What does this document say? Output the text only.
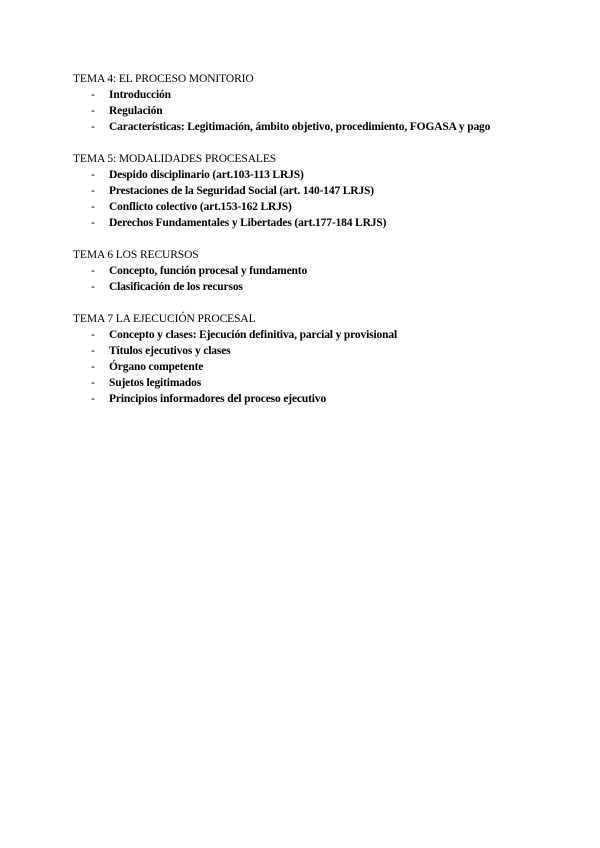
TEMA 4: EL PROCESO MONITORIO

- Introducción
- Regulación
- Características: Legitimación, ámbito objetivo, procedimiento, FOGASA y pago

TEMA 5: MODALIDADES PROCESALES

- Despido disciplinario (art.103-113 LRJS)
- Prestaciones de la Seguridad Social (art. 140-147 LRJS)
- Conflicto colectivo (art.153-162 LRJS)
- Derechos Fundamentales y Libertades (art.177-184 LRJS)

TEMA 6 LOS RECURSOS

- Concepto, función procesal y fundamento
- Clasificación de los recursos

TEMA 7 LA EJECUCIÓN PROCESAL

- Concepto y clases: Ejecución definitiva, parcial y provisional
- Títulos ejecutivos y clases
- Órgano competente
- Sujetos legitimados
- Principios informadores del proceso ejecutivo
